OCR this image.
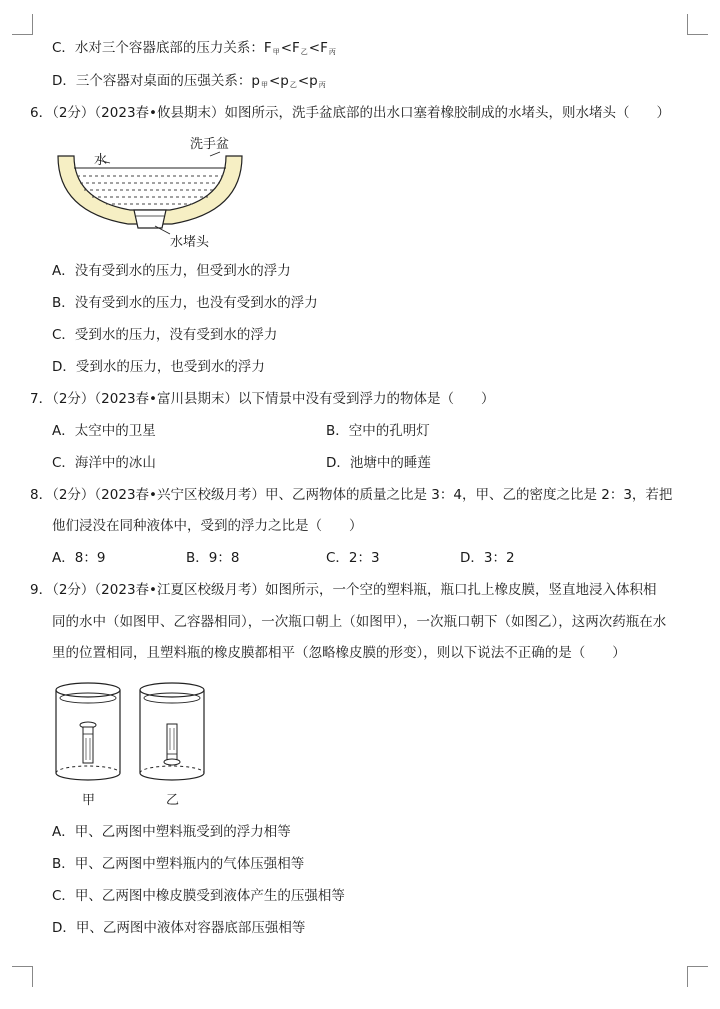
C．水对三个容器底部的压力关系：$F_甲<F_乙<F_丙$
D．三个容器对桌面的压强关系：$p_甲<p_乙<p_丙$
6．（2分）（2023春•攸县期末）如图所示，洗手盆底部的出水口塞着橡胶制成的水堵头，则水堵头（　　）
洗手盆
水
水堵头
A．没有受到水的压力，但受到水的浮力
B．没有受到水的压力，也没有受到水的浮力
C．受到水的压力，没有受到水的浮力
D．受到水的压力，也受到水的浮力
7．（2分）（2023春•富川县期末）以下情景中没有受到浮力的物体是（　　）
A．太空中的卫星	B．空中的孔明灯
C．海洋中的冰山	D．池塘中的睡莲
8．（2分）（2023春•兴宁区校级月考）甲、乙两物体的质量之比是 3：4，甲、乙的密度之比是 2：3，若把
他们浸没在同种液体中，受到的浮力之比是（　　）
A．8：9	B．9：8	C．2：3	D．3：2
9．（2分）（2023春•江夏区校级月考）如图所示，一个空的塑料瓶，瓶口扎上橡皮膜，竖直地浸入体积相
同的水中（如图甲、乙容器相同），一次瓶口朝上（如图甲），一次瓶口朝下（如图乙），这两次药瓶在水
里的位置相同，且塑料瓶的橡皮膜都相平（忽略橡皮膜的形变），则以下说法不正确的是（　　）
甲	乙
A．甲、乙两图中塑料瓶受到的浮力相等
B．甲、乙两图中塑料瓶内的气体压强相等
C．甲、乙两图中橡皮膜受到液体产生的压强相等
D．甲、乙两图中液体对容器底部压强相等
